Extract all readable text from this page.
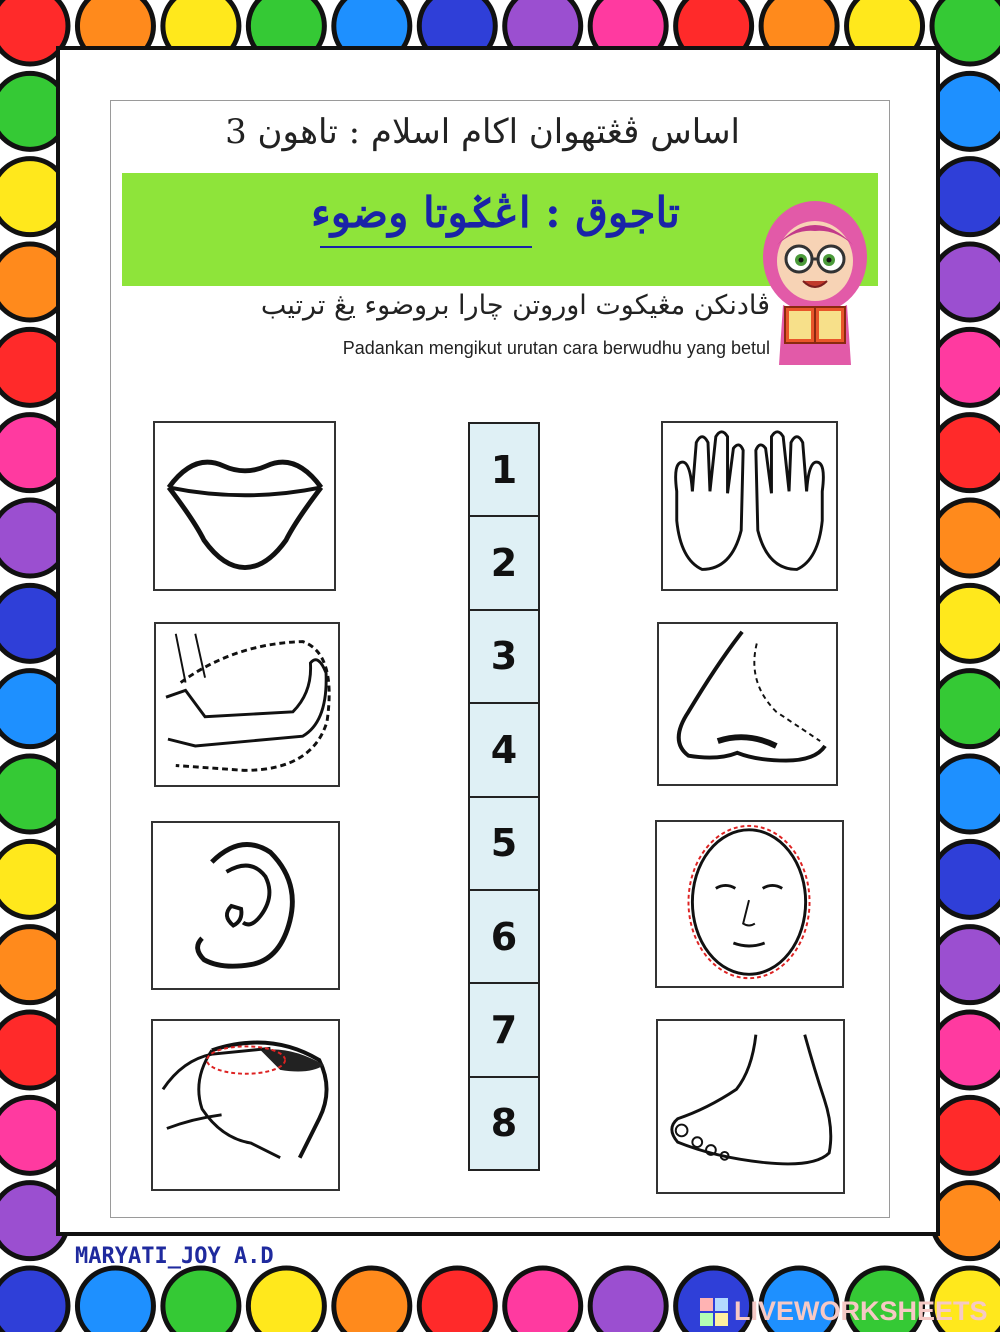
اساس ڤڠتهوان اكام اسلام : تاهون 3
تاجوق : اڠݢوتا وضوء
ڤادنكن مڠيكوت اوروتن چارا بروضوء يڠ ترتيب
Padankan mengikut urutan cara berwudhu yang betul
1
2
3
4
5
6
7
8
MARYATI_JOY A.D
LIVEWORKSHEETS
